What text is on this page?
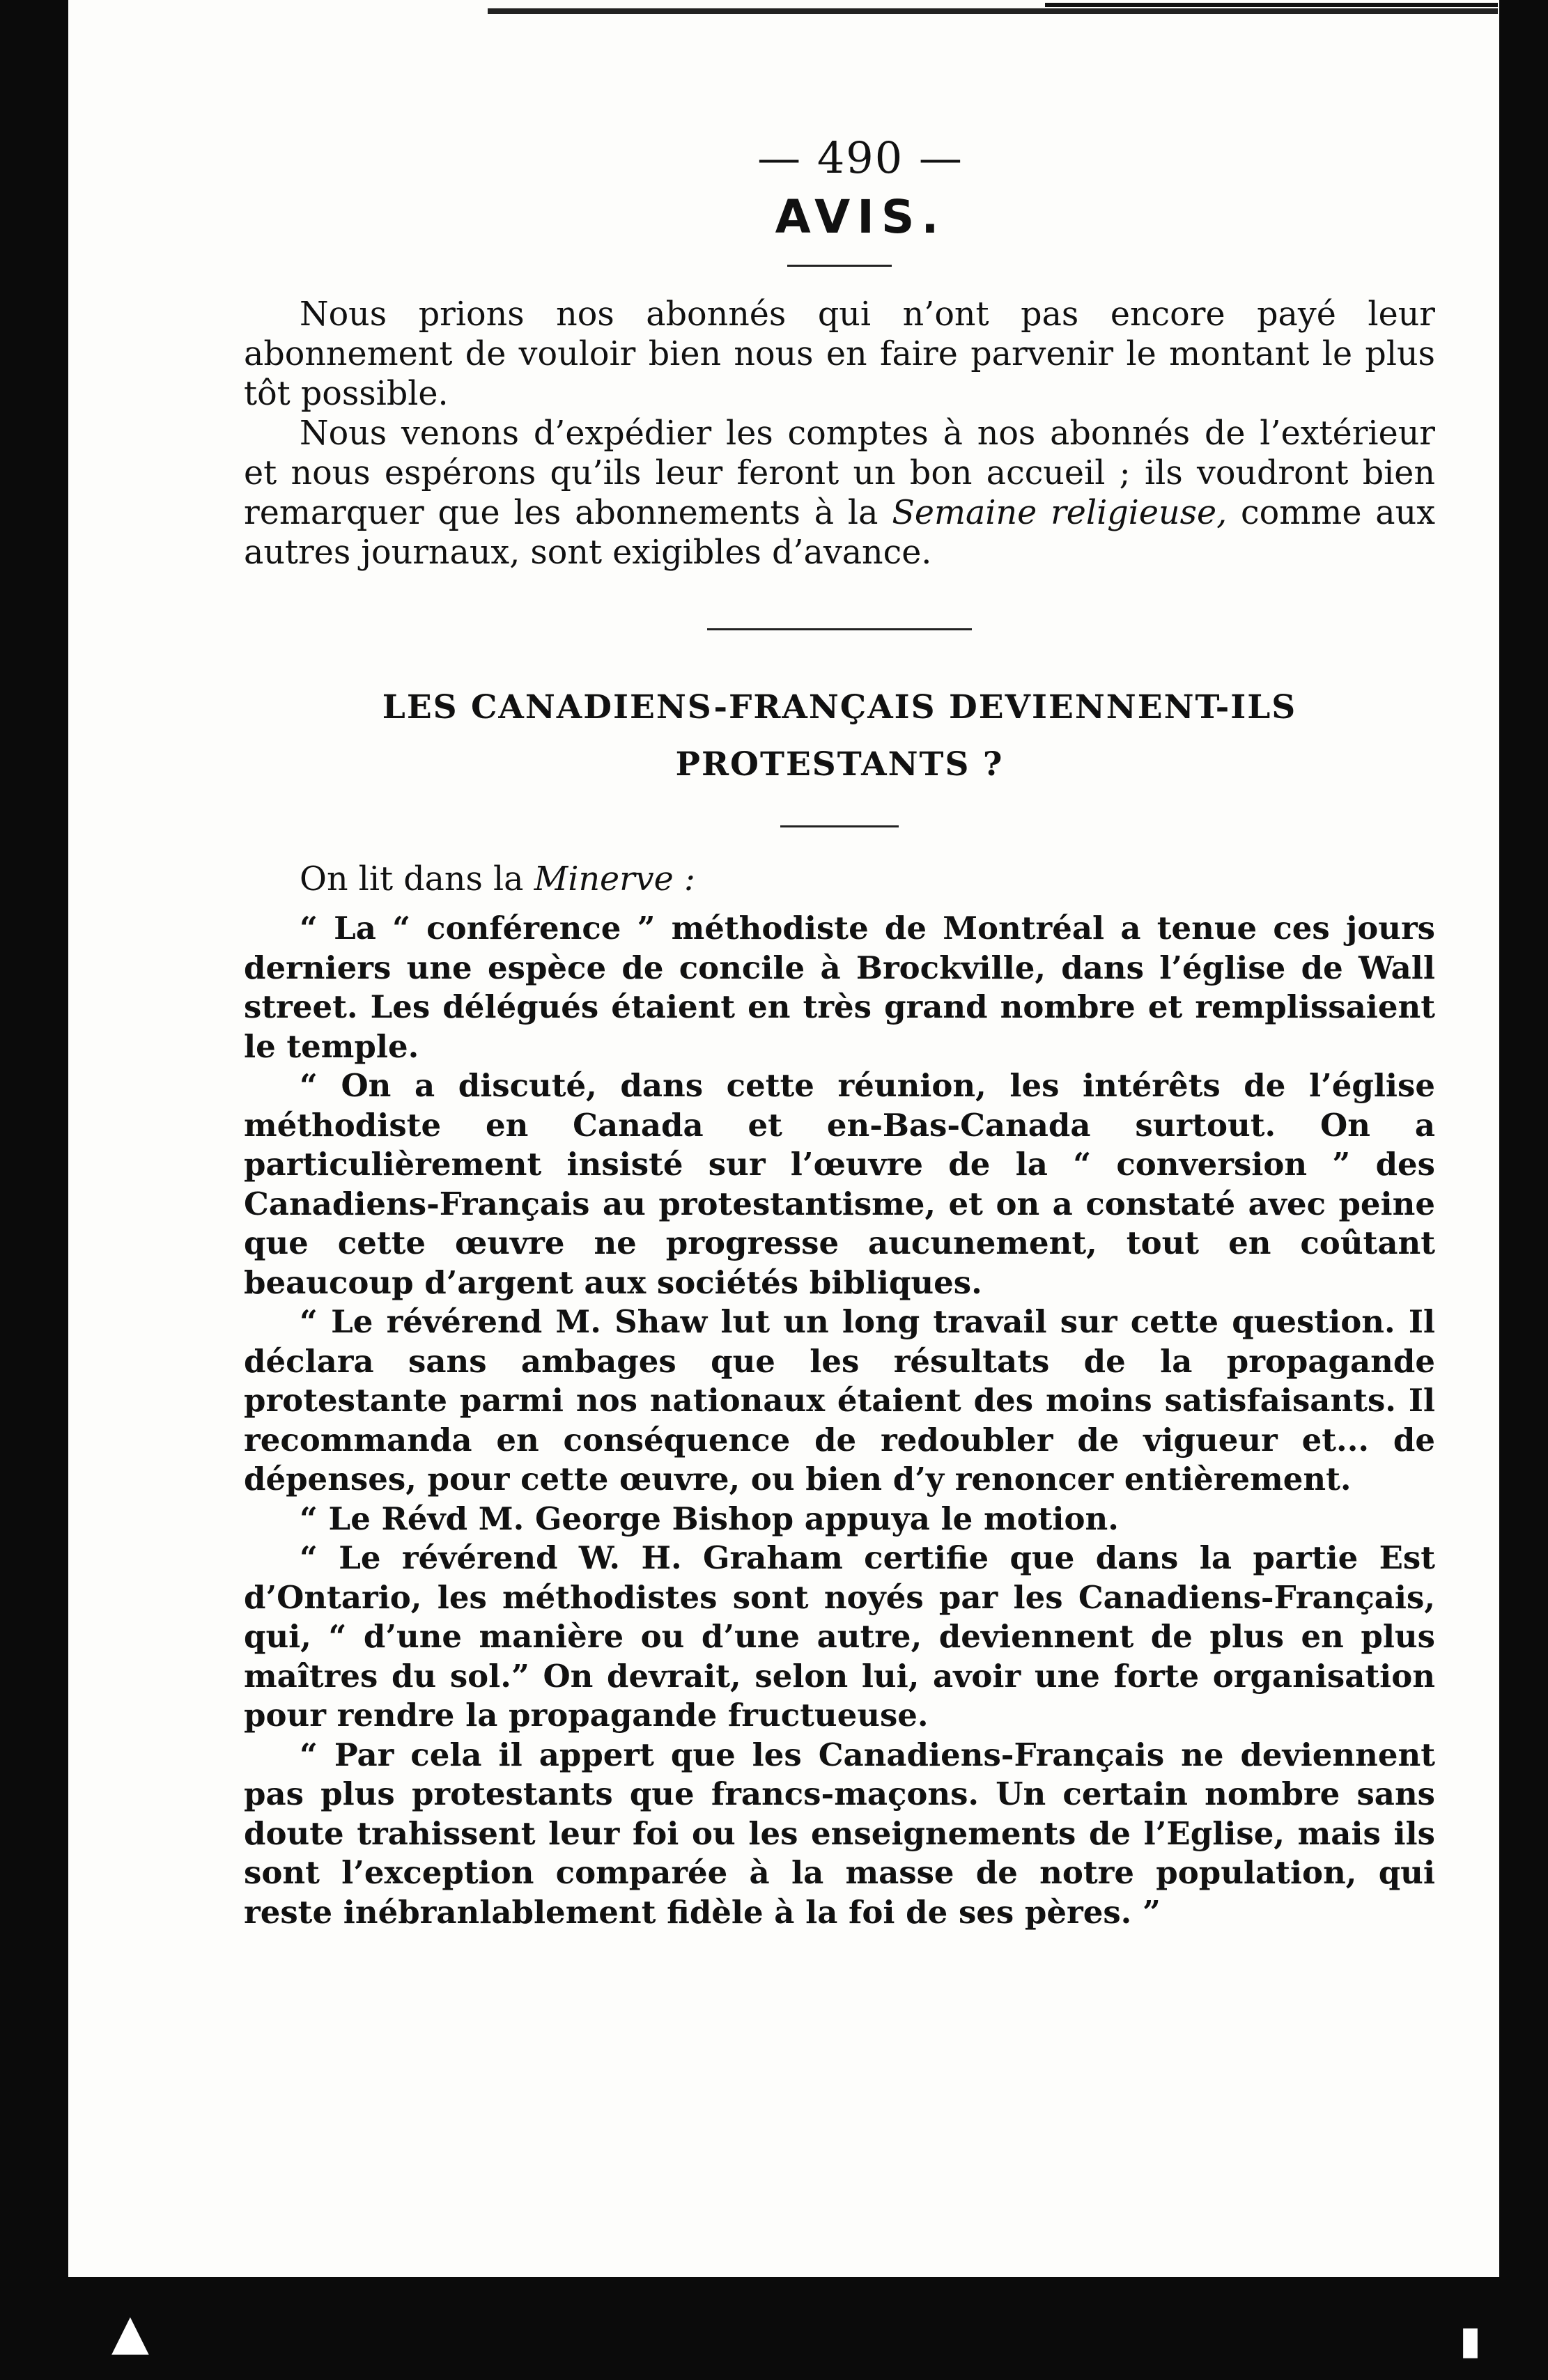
▲	▮
— 490 —
AVIS.

Nous prions nos abonnés qui n’ont pas encore payé leur abonnement de vouloir bien nous en faire parvenir le montant le plus tôt possible.

Nous venons d’expédier les comptes à nos abonnés de l’extérieur et nous espérons qu’ils leur feront un bon accueil ; ils voudront bien remarquer que les abonnements à la Semaine religieuse, comme aux autres journaux, sont exigibles d’avance.

LES CANADIENS-FRANÇAIS DEVIENNENT-ILS
PROTESTANTS ?

On lit dans la Minerve :

“ La “ conférence ” méthodiste de Montréal a tenue ces jours derniers une espèce de concile à Brockville, dans l’église de Wall street. Les délégués étaient en très grand nombre et remplissaient le temple.

“ On a discuté, dans cette réunion, les intérêts de l’église méthodiste en Canada et en-Bas-Canada surtout. On a particulièrement insisté sur l’œuvre de la “ conversion ” des Canadiens-Français au protestantisme, et on a constaté avec peine que cette œuvre ne progresse aucunement, tout en coûtant beaucoup d’argent aux sociétés bibliques.

“ Le révérend M. Shaw lut un long travail sur cette question. Il déclara sans ambages que les résultats de la propagande protestante parmi nos nationaux étaient des moins satisfaisants. Il recommanda en conséquence de redoubler de vigueur et... de dépenses, pour cette œuvre, ou bien d’y renoncer entièrement.

“ Le Révd M. George Bishop appuya le motion.

“ Le révérend W. H. Graham certifie que dans la partie Est d’Ontario, les méthodistes sont noyés par les Canadiens-Français, qui, “ d’une manière ou d’une autre, deviennent de plus en plus maîtres du sol.” On devrait, selon lui, avoir une forte organisation pour rendre la propagande fructueuse.

“ Par cela il appert que les Canadiens-Français ne deviennent pas plus protestants que francs-maçons. Un certain nombre sans doute trahissent leur foi ou les enseignements de l’Eglise, mais ils sont l’exception comparée à la masse de notre population, qui reste inébranlablement fidèle à la foi de ses pères. ”
